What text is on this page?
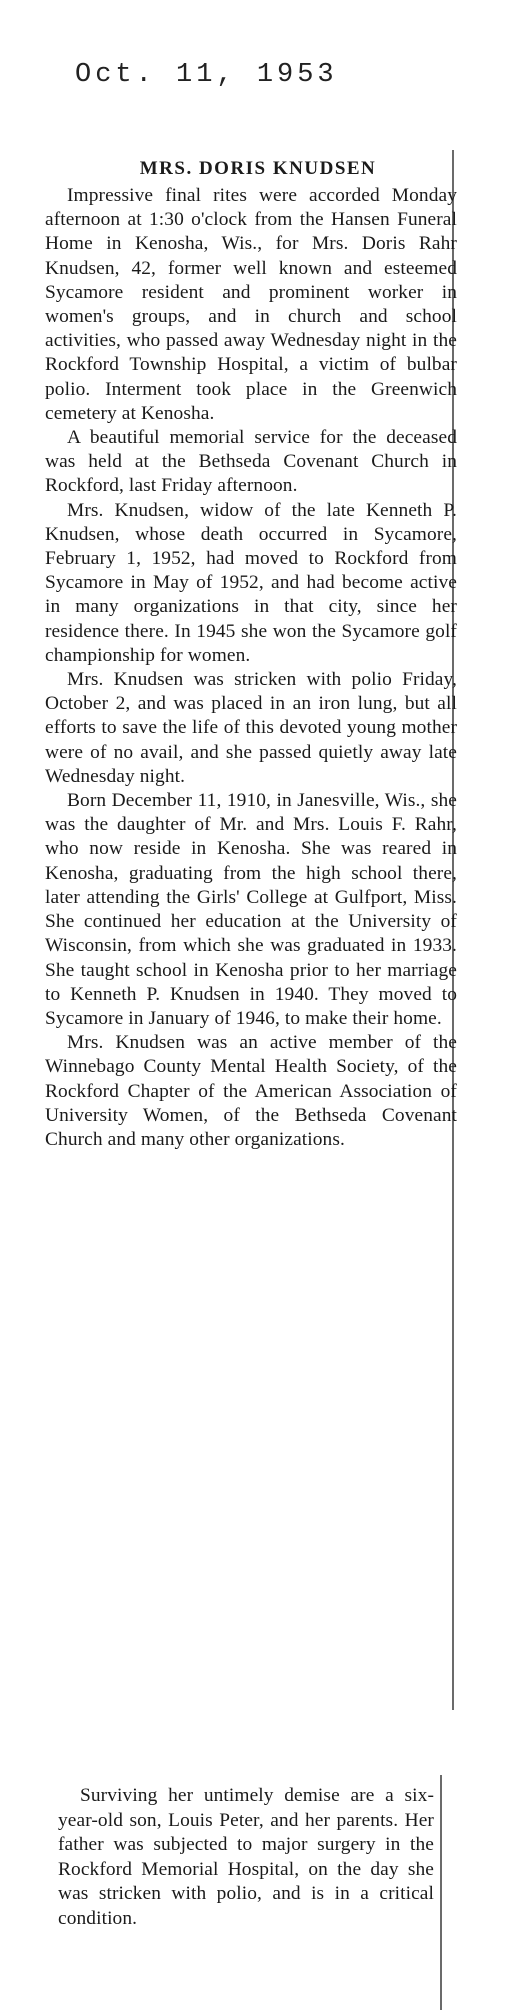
Oct. 11, 1953
MRS. DORIS KNUDSEN

Impressive final rites were accorded Monday afternoon at 1:30 o'clock from the Hansen Funeral Home in Kenosha, Wis., for Mrs. Doris Rahr Knudsen, 42, former well known and esteemed Sycamore resident and prominent worker in women's groups, and in church and school activities, who passed away Wednesday night in the Rockford Township Hospital, a victim of bulbar polio. Interment took place in the Greenwich cemetery at Kenosha.

A beautiful memorial service for the deceased was held at the Bethseda Covenant Church in Rockford, last Friday afternoon.

Mrs. Knudsen, widow of the late Kenneth P. Knudsen, whose death occurred in Sycamore, February 1, 1952, had moved to Rockford from Sycamore in May of 1952, and had become active in many organizations in that city, since her residence there. In 1945 she won the Sycamore golf championship for women.

Mrs. Knudsen was stricken with polio Friday, October 2, and was placed in an iron lung, but all efforts to save the life of this devoted young mother were of no avail, and she passed quietly away late Wednesday night.

Born December 11, 1910, in Janesville, Wis., she was the daughter of Mr. and Mrs. Louis F. Rahr, who now reside in Kenosha. She was reared in Kenosha, graduating from the high school there, later attending the Girls' College at Gulfport, Miss. She continued her education at the University of Wisconsin, from which she was graduated in 1933. She taught school in Kenosha prior to her marriage to Kenneth P. Knudsen in 1940. They moved to Sycamore in January of 1946, to make their home.

Mrs. Knudsen was an active member of the Winnebago County Mental Health Society, of the Rockford Chapter of the American Association of University Women, of the Bethseda Covenant Church and many other organizations.

Surviving her untimely demise are a six-year-old son, Louis Peter, and her parents. Her father was subjected to major surgery in the Rockford Memorial Hospital, on the day she was stricken with polio, and is in a critical condition.
